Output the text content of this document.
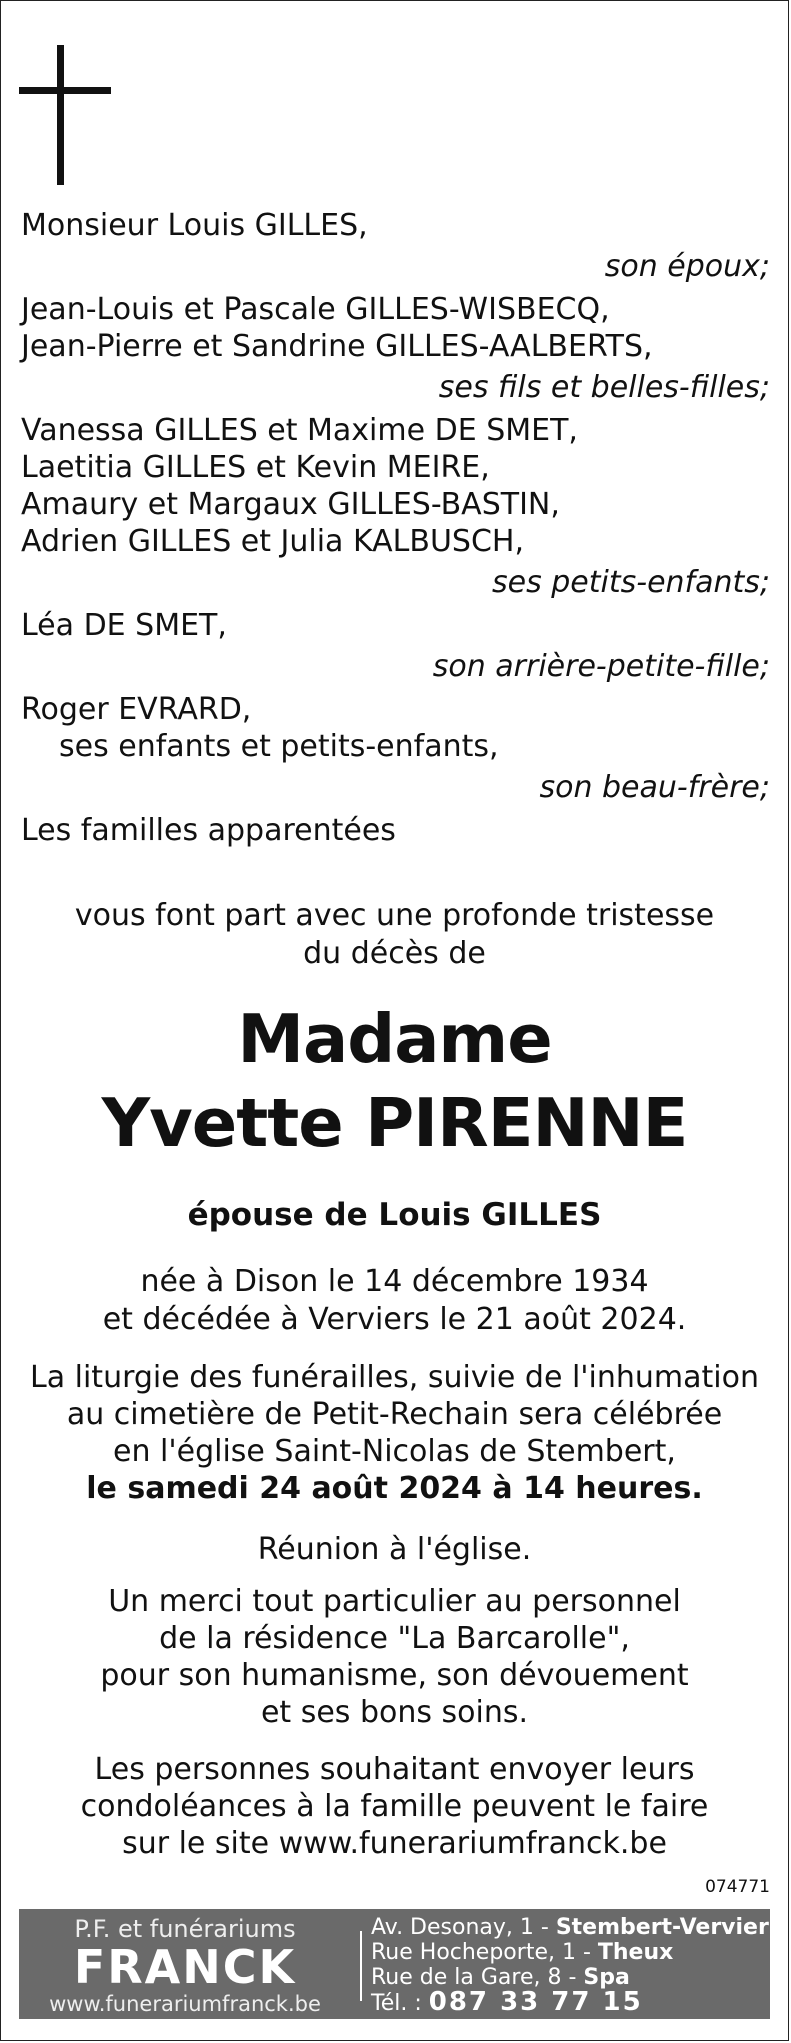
Monsieur Louis GILLES,
son époux;
Jean-Louis et Pascale GILLES-WISBECQ,
Jean-Pierre et Sandrine GILLES-AALBERTS,
ses fils et belles-filles;
Vanessa GILLES et Maxime DE SMET,
Laetitia GILLES et Kevin MEIRE,
Amaury et Margaux GILLES-BASTIN,
Adrien GILLES et Julia KALBUSCH,
ses petits-enfants;
Léa DE SMET,
son arrière-petite-fille;
Roger EVRARD,
ses enfants et petits-enfants,
son beau-frère;
Les familles apparentées
vous font part avec une profonde tristesse
du décès de
Madame
Yvette PIRENNE
épouse de Louis GILLES
née à Dison le 14 décembre 1934
et décédée à Verviers le 21 août 2024.
La liturgie des funérailles, suivie de l'inhumation
au cimetière de Petit-Rechain sera célébrée
en l'église Saint-Nicolas de Stembert,
le samedi 24 août 2024 à 14 heures.
Réunion à l'église.
Un merci tout particulier au personnel
de la résidence "La Barcarolle",
pour son humanisme, son dévouement
et ses bons soins.
Les personnes souhaitant envoyer leurs
condoléances à la famille peuvent le faire
sur le site www.funerariumfranck.be
074771
P.F. et funérariums
FRANCK
www.funerariumfranck.be
Av. Desonay, 1 - Stembert-Verviers
Rue Hocheporte, 1 - Theux
Rue de la Gare, 8 - Spa
Tél. : 087 33 77 15
